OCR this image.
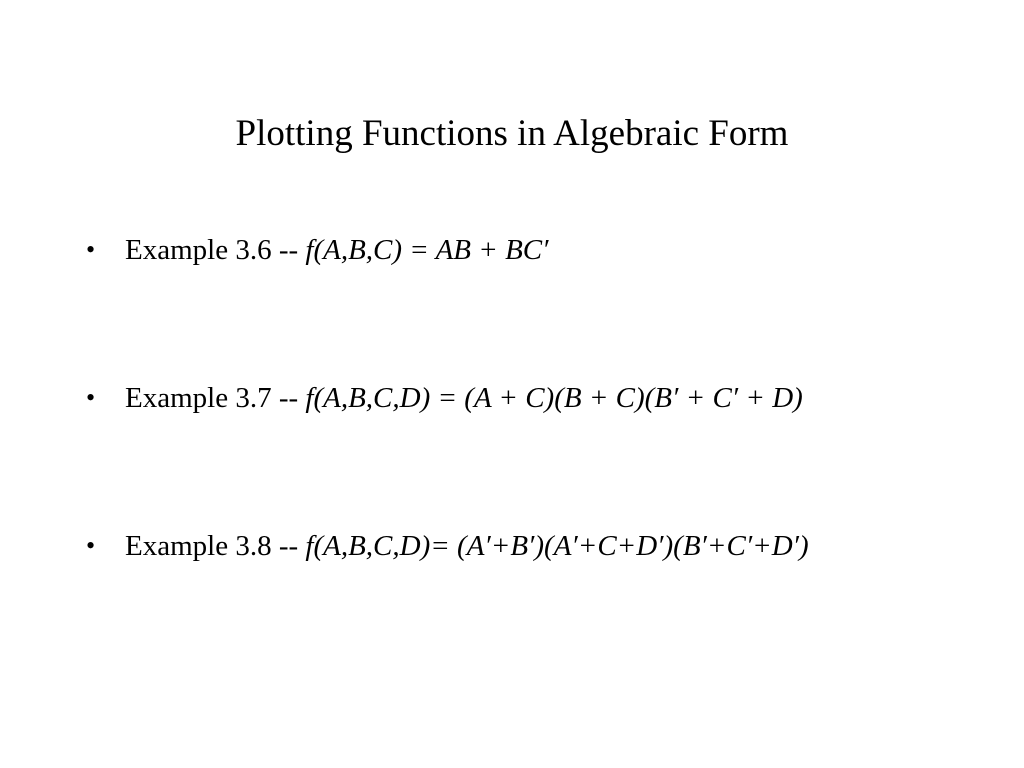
Plotting Functions in Algebraic Form
•	Example 3.6 -- f(A,B,C) = AB + BC′
•	Example 3.7 -- f(A,B,C,D) = (A + C)(B + C)(B′ + C′ + D)
•	Example 3.8 -- f(A,B,C,D)= (A′+B′)(A′+C+D′)(B′+C′+D′)
